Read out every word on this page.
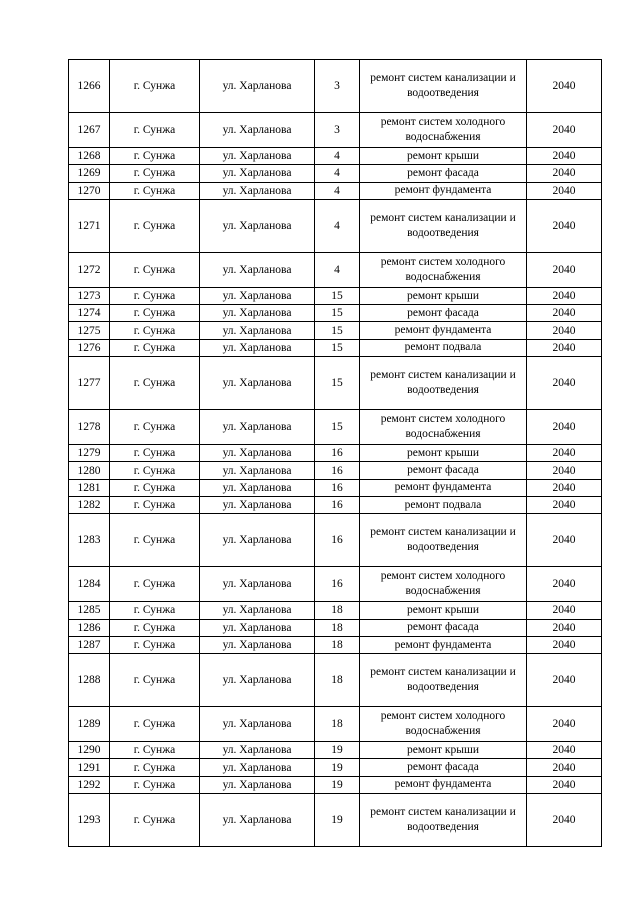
1266	г. Сунжа	ул. Харланова	3	ремонт систем канализации и водоотведения	2040
1267	г. Сунжа	ул. Харланова	3	ремонт систем холодного водоснабжения	2040
1268	г. Сунжа	ул. Харланова	4	ремонт крыши	2040
1269	г. Сунжа	ул. Харланова	4	ремонт фасада	2040
1270	г. Сунжа	ул. Харланова	4	ремонт фундамента	2040
1271	г. Сунжа	ул. Харланова	4	ремонт систем канализации и водоотведения	2040
1272	г. Сунжа	ул. Харланова	4	ремонт систем холодного водоснабжения	2040
1273	г. Сунжа	ул. Харланова	15	ремонт крыши	2040
1274	г. Сунжа	ул. Харланова	15	ремонт фасада	2040
1275	г. Сунжа	ул. Харланова	15	ремонт фундамента	2040
1276	г. Сунжа	ул. Харланова	15	ремонт подвала	2040
1277	г. Сунжа	ул. Харланова	15	ремонт систем канализации и водоотведения	2040
1278	г. Сунжа	ул. Харланова	15	ремонт систем холодного водоснабжения	2040
1279	г. Сунжа	ул. Харланова	16	ремонт крыши	2040
1280	г. Сунжа	ул. Харланова	16	ремонт фасада	2040
1281	г. Сунжа	ул. Харланова	16	ремонт фундамента	2040
1282	г. Сунжа	ул. Харланова	16	ремонт подвала	2040
1283	г. Сунжа	ул. Харланова	16	ремонт систем канализации и водоотведения	2040
1284	г. Сунжа	ул. Харланова	16	ремонт систем холодного водоснабжения	2040
1285	г. Сунжа	ул. Харланова	18	ремонт крыши	2040
1286	г. Сунжа	ул. Харланова	18	ремонт фасада	2040
1287	г. Сунжа	ул. Харланова	18	ремонт фундамента	2040
1288	г. Сунжа	ул. Харланова	18	ремонт систем канализации и водоотведения	2040
1289	г. Сунжа	ул. Харланова	18	ремонт систем холодного водоснабжения	2040
1290	г. Сунжа	ул. Харланова	19	ремонт крыши	2040
1291	г. Сунжа	ул. Харланова	19	ремонт фасада	2040
1292	г. Сунжа	ул. Харланова	19	ремонт фундамента	2040
1293	г. Сунжа	ул. Харланова	19	ремонт систем канализации и водоотведения	2040
